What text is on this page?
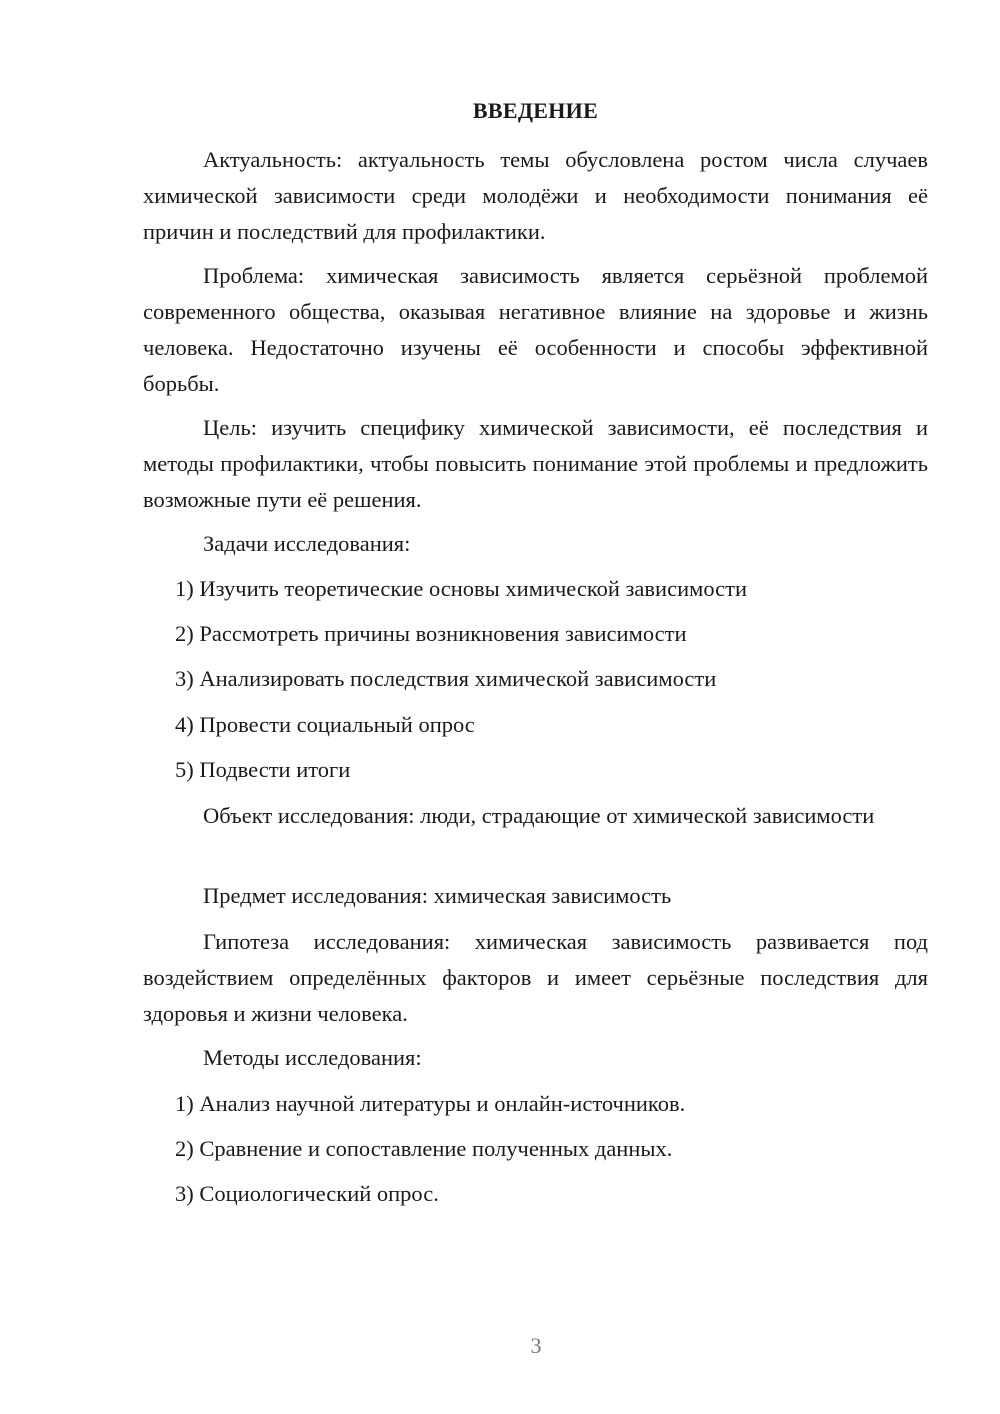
ВВЕДЕНИЕ

Актуальность: актуальность темы обусловлена ростом числа случаев химической зависимости среди молодёжи и необходимости понимания её причин и последствий для профилактики.

Проблема: химическая зависимость является серьёзной проблемой современного общества, оказывая негативное влияние на здоровье и жизнь человека. Недостаточно изучены её особенности и способы эффективной борьбы.

Цель: изучить специфику химической зависимости, её последствия и методы профилактики, чтобы повысить понимание этой проблемы и предложить возможные пути её решения.

Задачи исследования:

1) Изучить теоретические основы химической зависимости

2) Рассмотреть причины возникновения зависимости

3) Анализировать последствия химической зависимости

4) Провести социальный опрос

5) Подвести итоги

Объект исследования: люди, страдающие от химической зависимости

Предмет исследования: химическая зависимость

Гипотеза исследования: химическая зависимость развивается под воздействием определённых факторов и имеет серьёзные последствия для здоровья и жизни человека.

Методы исследования:

1) Анализ научной литературы и онлайн-источников.

2) Сравнение и сопоставление полученных данных.

3) Социологический опрос.

3
